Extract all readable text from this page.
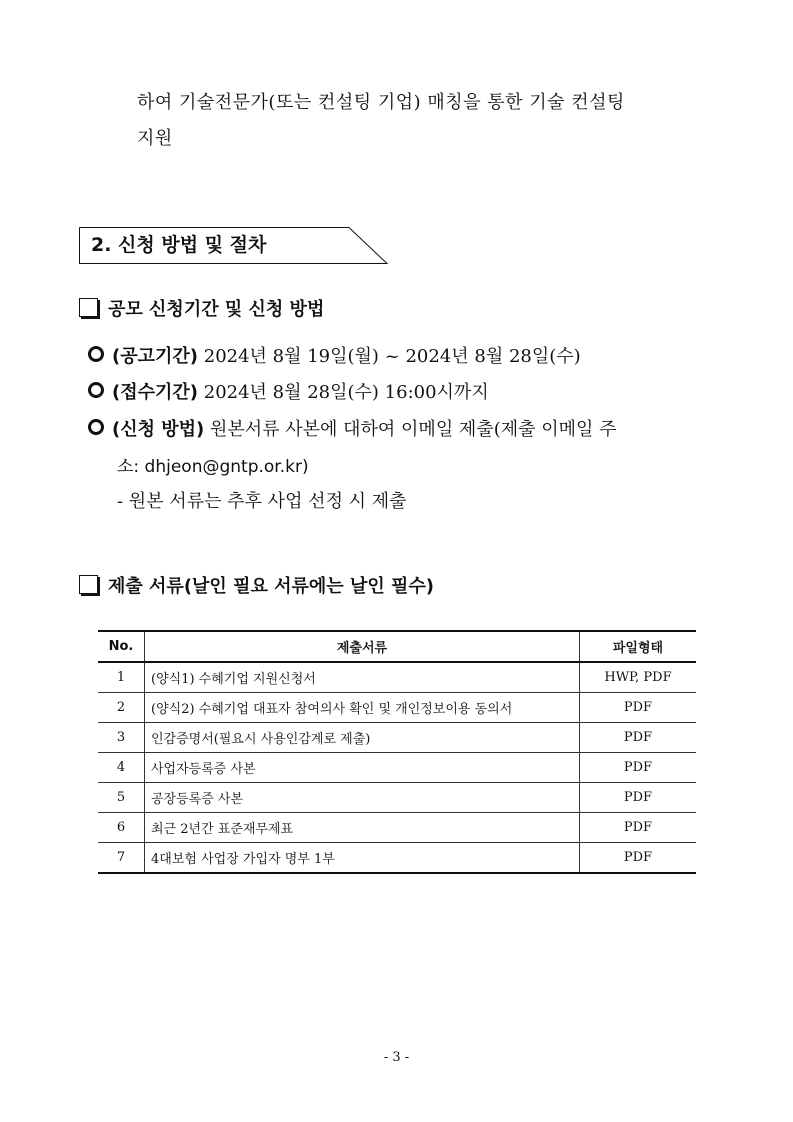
하여 기술전문가(또는 컨설팅 기업) 매칭을 통한 기술 컨설팅
지원
2. 신청 방법 및 절차
공모 신청기간 및 신청 방법
(공고기간) 2024년 8월 19일(월) ~ 2024년 8월 28일(수)
(접수기간) 2024년 8월 28일(수) 16:00시까지
(신청 방법) 원본서류 사본에 대하여 이메일 제출(제출 이메일 주
소: dhjeon@gntp.or.kr)
- 원본 서류는 추후 사업 선정 시 제출
제출 서류(날인 필요 서류에는 날인 필수)
No.	제출서류	파일형태
1	(양식1) 수혜기업 지원신청서	HWP, PDF
2	(양식2) 수혜기업 대표자 참여의사 확인 및 개인정보이용 동의서	PDF
3	인감증명서(필요시 사용인감계로 제출)	PDF
4	사업자등록증 사본	PDF
5	공장등록증 사본	PDF
6	최근 2년간 표준재무제표	PDF
7	4대보험 사업장 가입자 명부 1부	PDF
- 3 -
